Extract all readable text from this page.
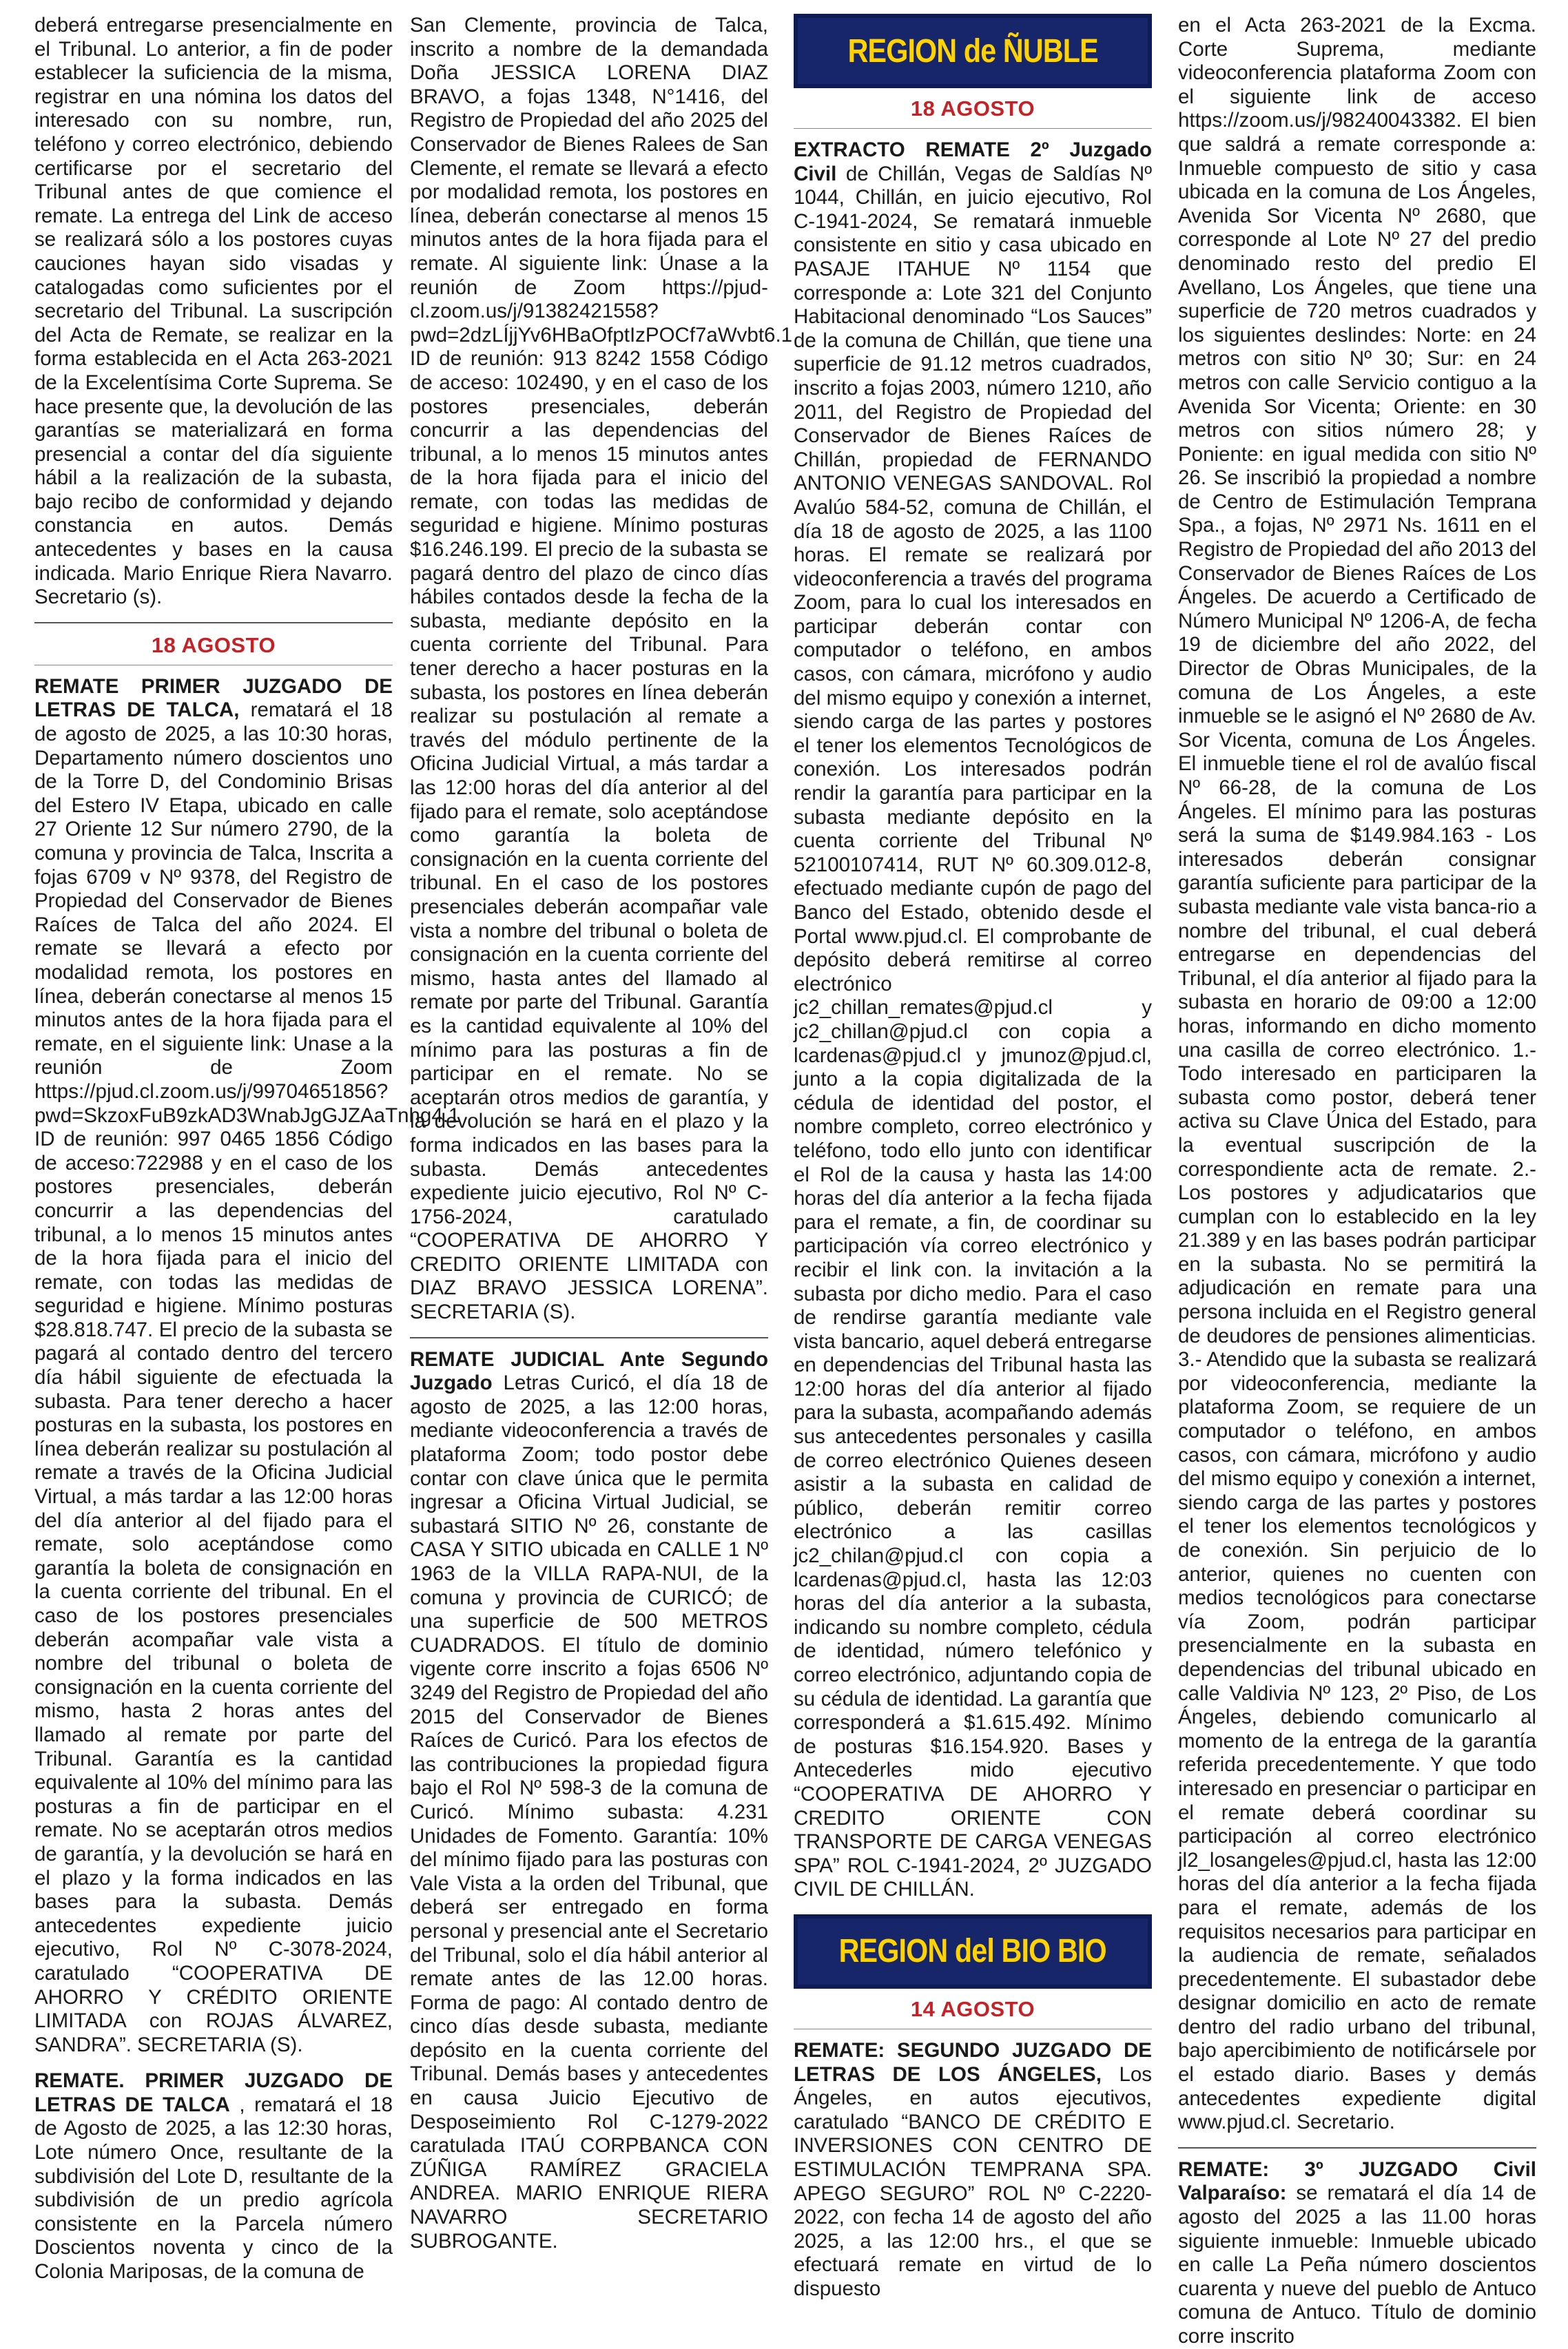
deberá entregarse presencialmente en el Tribunal. Lo anterior, a fin de poder establecer la suficiencia de la misma, registrar en una nómina los datos del interesado con su nombre, run, teléfono y correo electrónico, debiendo certificarse por el secretario del Tribunal antes de que comience el remate. La entrega del Link de acceso se realizará sólo a los postores cuyas cauciones hayan sido visadas y catalogadas como suficientes por el secretario del Tribunal. La suscripción del Acta de Remate, se realizar en la forma establecida en el Acta 263-2021 de la Excelentísima Corte Suprema. Se hace presente que, la devolución de las garantías se materializará en forma presencial a contar del día siguiente hábil a la realización de la subasta, bajo recibo de conformidad y dejando constancia en autos. Demás antecedentes y bases en la causa indicada. Mario Enrique Riera Navarro. Secretario (s).

18 AGOSTO

REMATE PRIMER JUZGADO DE LETRAS DE TALCA, rematará el 18 de agosto de 2025, a las 10:30 horas, Departamento número doscientos uno de la Torre D, del Condominio Brisas del Estero IV Etapa, ubicado en calle 27 Oriente 12 Sur número 2790, de la comuna y provincia de Talca, Inscrita a fojas 6709 v Nº 9378, del Registro de Propiedad del Conservador de Bienes Raíces de Talca del año 2024. El remate se llevará a efecto por modalidad remota, los postores en línea, deberán conectarse al menos 15 minutos antes de la hora fijada para el remate, en el siguiente link: Unase a la reunión de Zoom https://pjud.cl.zoom.us/j/99704651856?pwd=SkzoxFuB9zkAD3WnabJgGJZAaTnhg4.1 ID de reunión: 997 0465 1856 Código de acceso:722988 y en el caso de los postores presenciales, deberán concurrir a las dependencias del tribunal, a lo menos 15 minutos antes de la hora fijada para el inicio del remate, con todas las medidas de seguridad e higiene. Mínimo posturas $28.818.747. El precio de la subasta se pagará al contado dentro del tercero día hábil siguiente de efectuada la subasta. Para tener derecho a hacer posturas en la subasta, los postores en línea deberán realizar su postulación al remate a través de la Oficina Judicial Virtual, a más tardar a las 12:00 horas del día anterior al del fijado para el remate, solo aceptándose como garantía la boleta de consignación en la cuenta corriente del tribunal. En el caso de los postores presenciales deberán acompañar vale vista a nombre del tribunal o boleta de consignación en la cuenta corriente del mismo, hasta 2 horas antes del llamado al remate por parte del Tribunal. Garantía es la cantidad equivalente al 10% del mínimo para las posturas a fin de participar en el remate. No se aceptarán otros medios de garantía, y la devolución se hará en el plazo y la forma indicados en las bases para la subasta. Demás antecedentes expediente juicio ejecutivo, Rol Nº C-3078-2024, caratulado “COOPERATIVA DE AHORRO Y CRÉDITO ORIENTE LIMITADA con ROJAS ÁLVAREZ, SANDRA”. SECRETARIA (S).

REMATE. PRIMER JUZGADO DE LETRAS DE TALCA , rematará el 18 de Agosto de 2025, a las 12:30 horas, Lote número Once, resultante de la subdivisión del Lote D, resultante de la subdivisión de un predio agrícola consistente en la Parcela número Doscientos noventa y cinco de la Colonia Mariposas, de la comuna de

San Clemente, provincia de Talca, inscrito a nombre de la demandada Doña JESSICA LORENA DIAZ BRAVO, a fojas 1348, N°1416, del Registro de Propiedad del año 2025 del Conservador de Bienes Ralees de San Clemente, el remate se llevará a efecto por modalidad remota, los postores en línea, deberán conectarse al menos 15 minutos antes de la hora fijada para el remate. Al siguiente link: Únase a la reunión de Zoom https://pjud-cl.zoom.us/j/91382421558?pwd=2dzLÍjjYv6HBaOfptIzPOCf7aWvbt6.1 ID de reunión: 913 8242 1558 Código de acceso: 102490, y en el caso de los postores presenciales, deberán concurrir a las dependencias del tribunal, a lo menos 15 minutos antes de la hora fijada para el inicio del remate, con todas las medidas de seguridad e higiene. Mínimo posturas $16.246.199. El precio de la subasta se pagará dentro del plazo de cinco días hábiles contados desde la fecha de la subasta, mediante depósito en la cuenta corriente del Tribunal. Para tener derecho a hacer posturas en la subasta, los postores en línea deberán realizar su postulación al remate a través del módulo pertinente de la Oficina Judicial Virtual, a más tardar a las 12:00 horas del día anterior al del fijado para el remate, solo aceptándose como garantía la boleta de consignación en la cuenta corriente del tribunal. En el caso de los postores presenciales deberán acompañar vale vista a nombre del tribunal o boleta de consignación en la cuenta corriente del mismo, hasta antes del llamado al remate por parte del Tribunal. Garantía es la cantidad equivalente al 10% del mínimo para las posturas a fin de participar en el remate. No se aceptarán otros medios de garantía, y la devolución se hará en el plazo y la forma indicados en las bases para la subasta. Demás antecedentes expediente juicio ejecutivo, Rol Nº C-1756-2024, caratulado “COOPERATIVA DE AHORRO Y CREDITO ORIENTE LIMITADA con DIAZ BRAVO JESSICA LORENA”. SECRETARIA (S).

REMATE JUDICIAL Ante Segundo Juzgado Letras Curicó, el día 18 de agosto de 2025, a las 12:00 horas, mediante videoconferencia a través de plataforma Zoom; todo postor debe contar con clave única que le permita ingresar a Oficina Virtual Judicial, se subastará SITIO Nº 26, constante de CASA Y SITIO ubicada en CALLE 1 Nº 1963 de la VILLA RAPA-NUI, de la comuna y provincia de CURICÓ; de una superficie de 500 METROS CUADRADOS. El título de dominio vigente corre inscrito a fojas 6506 Nº 3249 del Registro de Propiedad del año 2015 del Conservador de Bienes Raíces de Curicó. Para los efectos de las contribuciones la propiedad figura bajo el Rol Nº 598-3 de la comuna de Curicó. Mínimo subasta: 4.231 Unidades de Fomento. Garantía: 10% del mínimo fijado para las posturas con Vale Vista a la orden del Tribunal, que deberá ser entregado en forma personal y presencial ante el Secretario del Tribunal, solo el día hábil anterior al remate antes de las 12.00 horas. Forma de pago: Al contado dentro de cinco días desde subasta, mediante depósito en la cuenta corriente del Tribunal. Demás bases y antecedentes en causa Juicio Ejecutivo de Desposeimiento Rol C-1279-2022 caratulada ITAÚ CORPBANCA CON ZÚÑIGA RAMÍREZ GRACIELA ANDREA. MARIO ENRIQUE RIERA NAVARRO SECRETARIO SUBROGANTE.

REGION de ÑUBLE
18 AGOSTO

EXTRACTO REMATE 2º Juzgado Civil de Chillán, Vegas de Saldías Nº 1044, Chillán, en juicio ejecutivo, Rol C-1941-2024, Se rematará inmueble consistente en sitio y casa ubicado en PASAJE ITAHUE Nº 1154 que corresponde a: Lote 321 del Conjunto Habitacional denominado “Los Sauces” de la comuna de Chillán, que tiene una superficie de 91.12 metros cuadrados, inscrito a fojas 2003, número 1210, año 2011, del Registro de Propiedad del Conservador de Bienes Raíces de Chillán, propiedad de FERNANDO ANTONIO VENEGAS SANDOVAL. Rol Avalúo 584-52, comuna de Chillán, el día 18 de agosto de 2025, a las 1100 horas. El remate se realizará por videoconferencia a través del programa Zoom, para lo cual los interesados en participar deberán contar con computador o teléfono, en ambos casos, con cámara, micrófono y audio del mismo equipo y conexión a internet, siendo carga de las partes y postores el tener los elementos Tecnológicos de conexión. Los interesados podrán rendir la garantía para participar en la subasta mediante depósito en la cuenta corriente del Tribunal Nº 52100107414, RUT Nº 60.309.012-8, efectuado mediante cupón de pago del Banco del Estado, obtenido desde el Portal www.pjud.cl. El comprobante de depósito deberá remitirse al correo electrónico jc2_chillan_remates@pjud.cl y jc2_chillan@pjud.cl con copia a lcardenas@pjud.cl y jmunoz@pjud.cl, junto a la copia digitalizada de la cédula de identidad del postor, el nombre completo, correo electrónico y teléfono, todo ello junto con identificar el Rol de la causa y hasta las 14:00 horas del día anterior a la fecha fijada para el remate, a fin, de coordinar su participación vía correo electrónico y recibir el link con. la invitación a la subasta por dicho medio. Para el caso de rendirse garantía mediante vale vista bancario, aquel deberá entregarse en dependencias del Tribunal hasta las 12:00 horas del día anterior al fijado para la subasta, acompañando además sus antecedentes personales y casilla de correo electrónico Quienes deseen asistir a la subasta en calidad de público, deberán remitir correo electrónico a las casillas jc2_chilan@pjud.cl con copia a lcardenas@pjud.cl, hasta las 12:03 horas del día anterior a la subasta, indicando su nombre completo, cédula de identidad, número telefónico y correo electrónico, adjuntando copia de su cédula de identidad. La garantía que corresponderá a $1.615.492. Mínimo de posturas $16.154.920. Bases y Antecederles mido ejecutivo “COOPERATIVA DE AHORRO Y CREDITO ORIENTE CON TRANSPORTE DE CARGA VENEGAS SPA” ROL C-1941-2024, 2º JUZGADO CIVIL DE CHILLÁN.

REGION del BIO BIO
14 AGOSTO

REMATE: SEGUNDO JUZGADO DE LETRAS DE LOS ÁNGELES, Los Ángeles, en autos ejecutivos, caratulado “BANCO DE CRÉDITO E INVERSIONES CON CENTRO DE ESTIMULACIÓN TEMPRANA SPA. APEGO SEGURO” ROL Nº C-2220-2022, con fecha 14 de agosto del año 2025, a las 12:00 hrs., el que se efectuará remate en virtud de lo dispuesto

en el Acta 263-2021 de la Excma. Corte Suprema, mediante videoconferencia plataforma Zoom con el siguiente link de acceso https://zoom.us/j/98240043382. El bien que saldrá a remate corresponde a: Inmueble compuesto de sitio y casa ubicada en la comuna de Los Ángeles, Avenida Sor Vicenta Nº 2680, que corresponde al Lote Nº 27 del predio denominado resto del predio El Avellano, Los Ángeles, que tiene una superficie de 720 metros cuadrados y los siguientes deslindes: Norte: en 24 metros con sitio Nº 30; Sur: en 24 metros con calle Servicio contiguo a la Avenida Sor Vicenta; Oriente: en 30 metros con sitios número 28; y Poniente: en igual medida con sitio Nº 26. Se inscribió la propiedad a nombre de Centro de Estimulación Temprana Spa., a fojas, Nº 2971 Ns. 1611 en el Registro de Propiedad del año 2013 del Conservador de Bienes Raíces de Los Ángeles. De acuerdo a Certificado de Número Municipal Nº 1206-A, de fecha 19 de diciembre del año 2022, del Director de Obras Municipales, de la comuna de Los Ángeles, a este inmueble se le asignó el Nº 2680 de Av. Sor Vicenta, comuna de Los Ángeles. El inmueble tiene el rol de avalúo fiscal Nº 66-28, de la comuna de Los Ángeles. El mínimo para las posturas será la suma de $149.984.163 - Los interesados deberán consignar garantía suficiente para participar de la subasta mediante vale vista banca-rio a nombre del tribunal, el cual deberá entregarse en dependencias del Tribunal, el día anterior al fijado para la subasta en horario de 09:00 a 12:00 horas, informando en dicho momento una casilla de correo electrónico. 1.- Todo interesado en participaren la subasta como postor, deberá tener activa su Clave Única del Estado, para la eventual suscripción de la correspondiente acta de remate. 2.- Los postores y adjudicatarios que cumplan con lo establecido en la ley 21.389 y en las bases podrán participar en la subasta. No se permitirá la adjudicación en remate para una persona incluida en el Registro general de deudores de pensiones alimenticias. 3.- Atendido que la subasta se realizará por videoconferencia, mediante la plataforma Zoom, se requiere de un computador o teléfono, en ambos casos, con cámara, micrófono y audio del mismo equipo y conexión a internet, siendo carga de las partes y postores el tener los elementos tecnológicos y de conexión. Sin perjuicio de lo anterior, quienes no cuenten con medios tecnológicos para conectarse vía Zoom, podrán participar presencialmente en la subasta en dependencias del tribunal ubicado en calle Valdivia Nº 123, 2º Piso, de Los Ángeles, debiendo comunicarlo al momento de la entrega de la garantía referida precedentemente. Y que todo interesado en presenciar o participar en el remate deberá coordinar su participación al correo electrónico jl2_losangeles@pjud.cl, hasta las 12:00 horas del día anterior a la fecha fijada para el remate, además de los requisitos necesarios para participar en la audiencia de remate, señalados precedentemente. El subastador debe designar domicilio en acto de remate dentro del radio urbano del tribunal, bajo apercibimiento de notificársele por el estado diario. Bases y demás antecedentes expediente digital www.pjud.cl. Secretario.

REMATE: 3º JUZGADO Civil Valparaíso: se rematará el día 14 de agosto del 2025 a las 11.00 horas siguiente inmueble: Inmueble ubicado en calle La Peña número doscientos cuarenta y nueve del pueblo de Antuco comuna de Antuco. Título de dominio corre inscrito
